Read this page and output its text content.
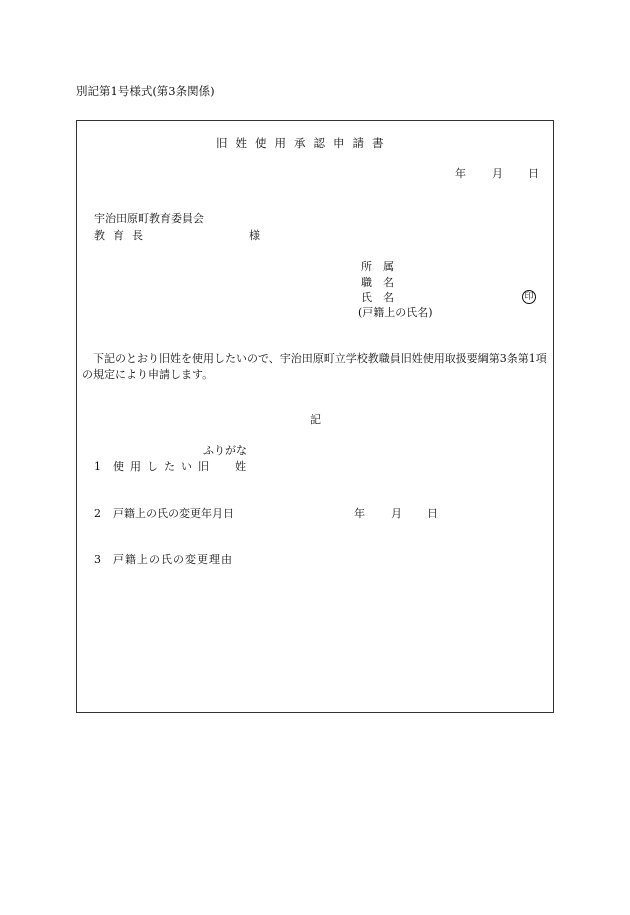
別記第1号様式(第3条関係)
旧姓使用承認申請書
年 月 日
宇治田原町教育委員会
教育長	様
所　属
職　名
氏　名
(戸籍上の氏名)
印
下記のとおり旧姓を使用したいので、宇治田原町立学校教職員旧姓使用取扱要綱第3条第1項の規定により申請します。
記
ふりがな
1 使用したい旧 姓
2 戸籍上の氏の変更年月日	年 月 日
3 戸籍上の氏の変更理由
